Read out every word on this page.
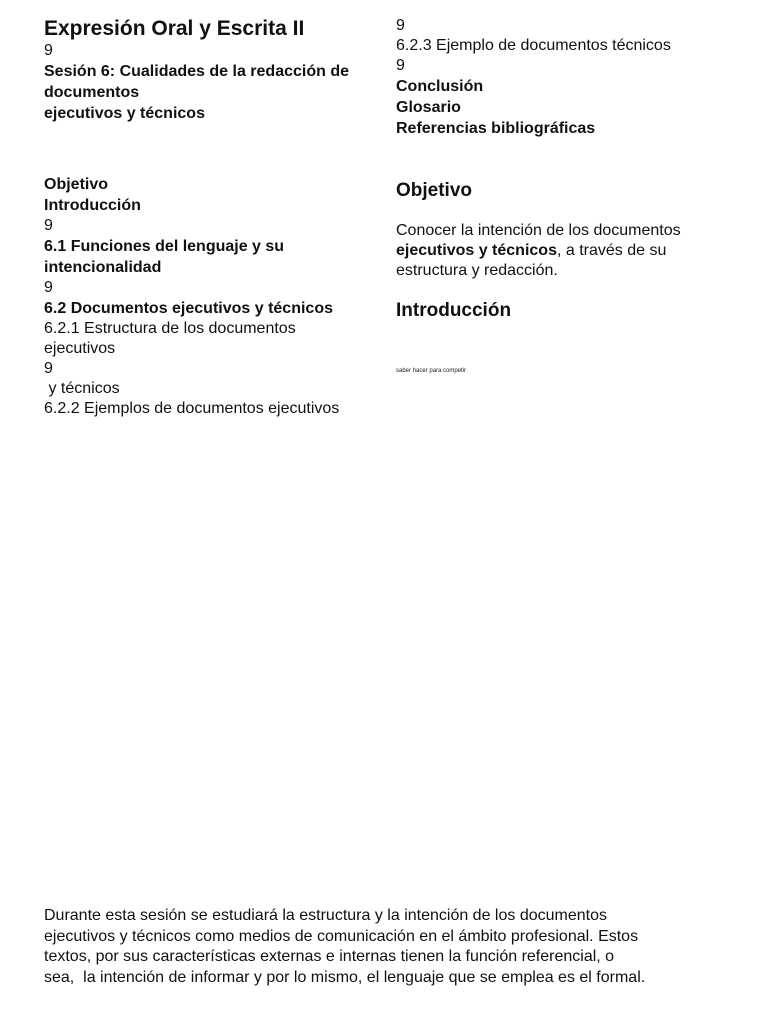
Expresión Oral y Escrita II
9
Sesión 6: Cualidades de la redacción de
documentos
ejecutivos y técnicos
Objetivo
Introducción
9
6.1 Funciones del lenguaje y su
intencionalidad
9
6.2 Documentos ejecutivos y técnicos
6.2.1 Estructura de los documentos
ejecutivos
9
y técnicos
6.2.2 Ejemplos de documentos ejecutivos
9
6.2.3 Ejemplo de documentos técnicos
9
Conclusión
Glosario
Referencias bibliográficas
Objetivo
Conocer la intención de los documentos
ejecutivos y técnicos, a través de su
estructura y redacción.
Introducción
saber hacer para competir
Durante esta sesión se estudiará la estructura y la intención de los documentos
ejecutivos y técnicos como medios de comunicación en el ámbito profesional. Estos
textos, por sus características externas e internas tienen la función referencial, o
sea,  la intención de informar y por lo mismo, el lenguaje que se emplea es el formal.
